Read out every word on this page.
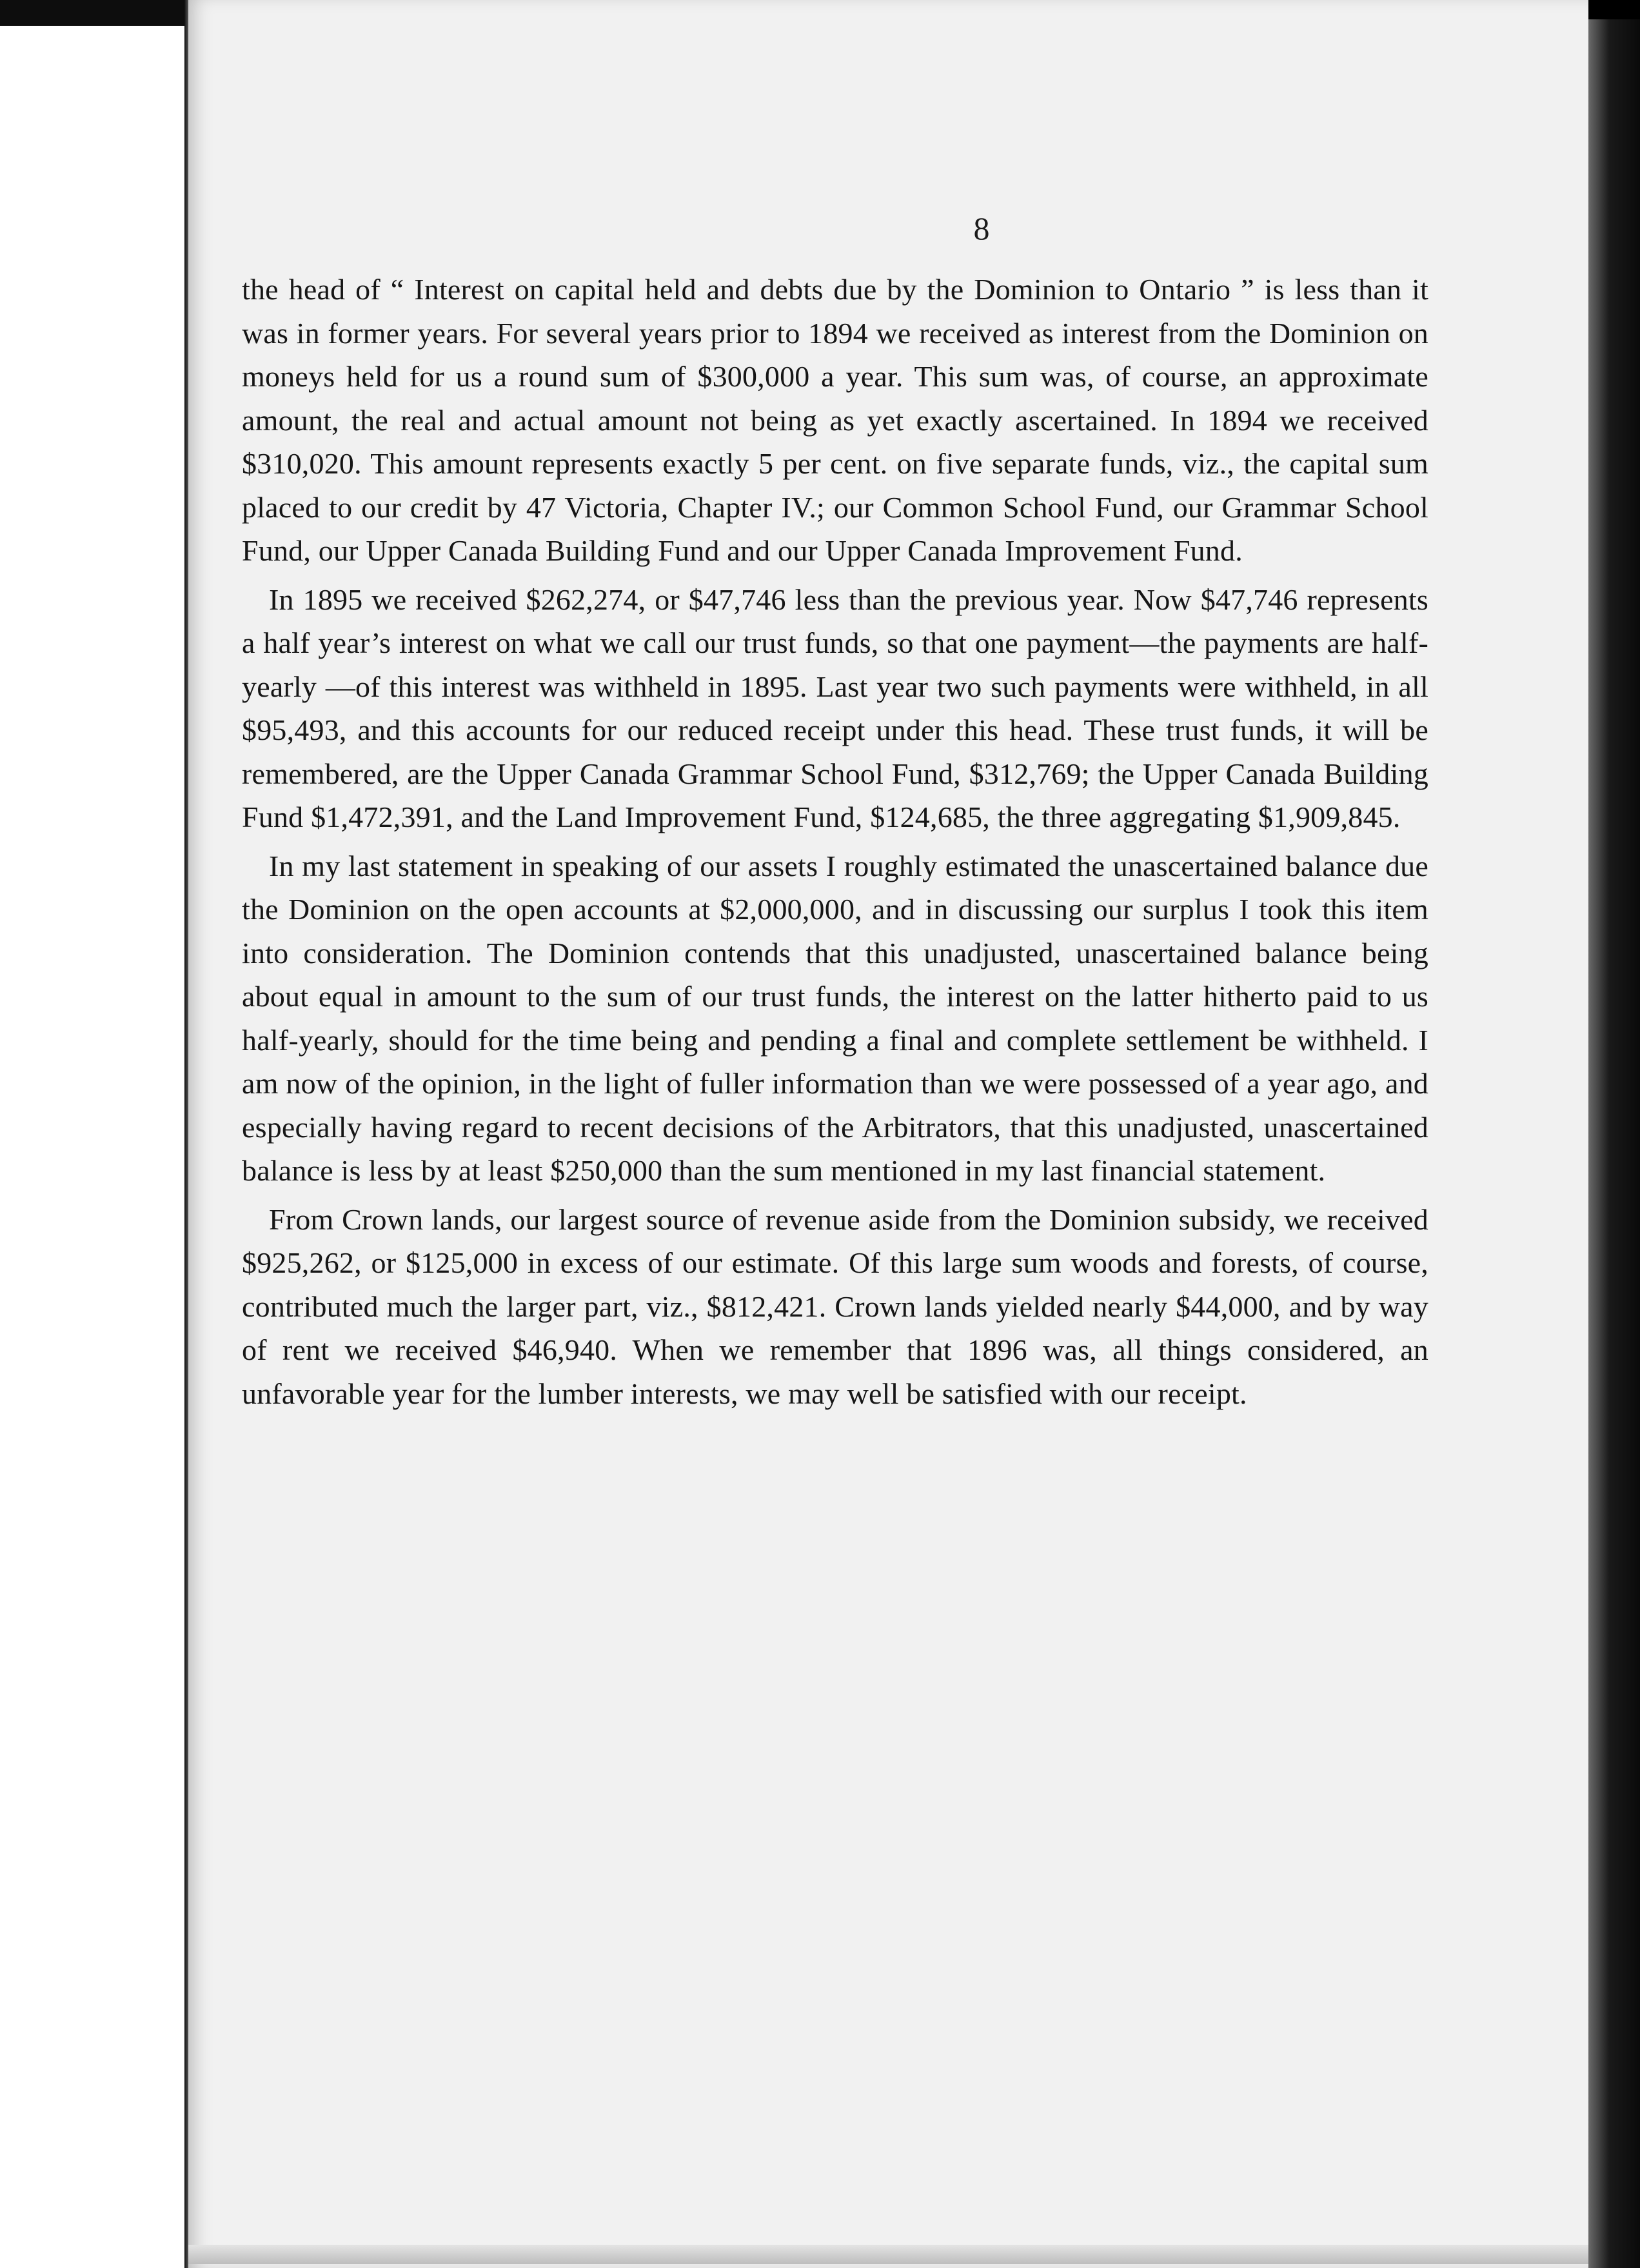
8

the head of “ Interest on capital held and debts due by the Dominion to Ontario ” is less than it was in former years. For several years prior to 1894 we received as interest from the Dominion on moneys held for us a round sum of $300,000 a year. This sum was, of course, an approximate amount, the real and actual amount not being as yet exactly ascertained. In 1894 we received $310,020. This amount represents exactly 5 per cent. on five separate funds, viz., the capital sum placed to our credit by 47 Victoria, Chapter IV.; our Common School Fund, our Grammar School Fund, our Upper Canada Building Fund and our Upper Canada Improvement Fund.

In 1895 we received $262,274, or $47,746 less than the previous year. Now $47,746 represents a half year’s interest on what we call our trust funds, so that one payment—the payments are half-yearly —of this interest was withheld in 1895. Last year two such payments were withheld, in all $95,493, and this accounts for our reduced receipt under this head. These trust funds, it will be remembered, are the Upper Canada Grammar School Fund, $312,769; the Upper Canada Building Fund $1,472,391, and the Land Improvement Fund, $124,685, the three aggregating $1,909,845.

In my last statement in speaking of our assets I roughly estimated the unascertained balance due the Dominion on the open accounts at $2,000,000, and in discussing our surplus I took this item into consideration. The Dominion contends that this unadjusted, unascertained balance being about equal in amount to the sum of our trust funds, the interest on the latter hitherto paid to us half-yearly, should for the time being and pending a final and complete settlement be withheld. I am now of the opinion, in the light of fuller information than we were possessed of a year ago, and especially having regard to recent decisions of the Arbitrators, that this unadjusted, unascertained balance is less by at least $250,000 than the sum mentioned in my last financial statement.

From Crown lands, our largest source of revenue aside from the Dominion subsidy, we received $925,262, or $125,000 in excess of our estimate. Of this large sum woods and forests, of course, contributed much the larger part, viz., $812,421. Crown lands yielded nearly $44,000, and by way of rent we received $46,940. When we remember that 1896 was, all things considered, an unfavorable year for the lumber interests, we may well be satisfied with our receipt.
